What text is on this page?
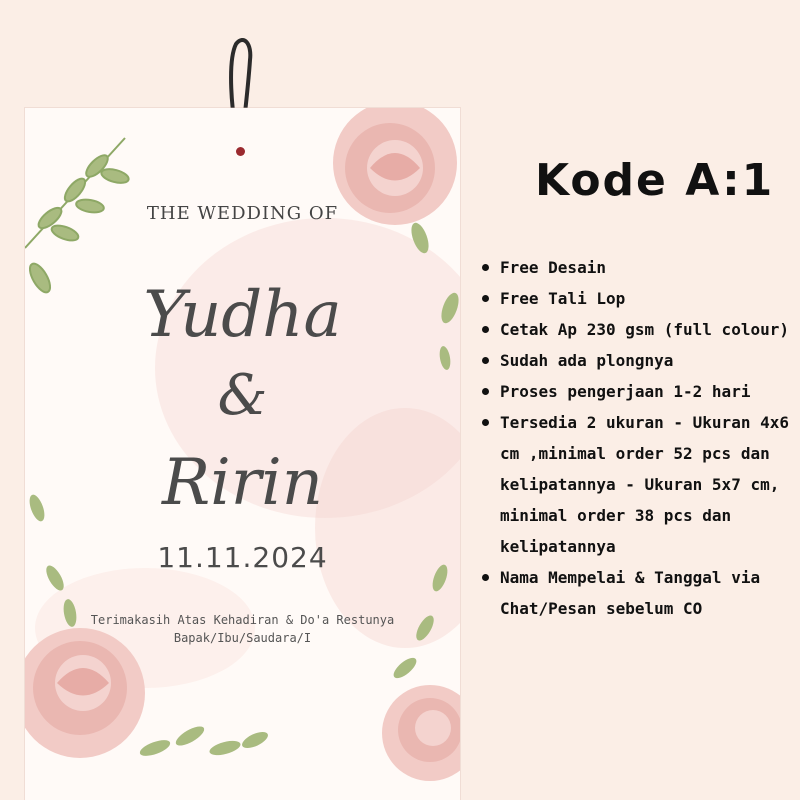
THE WEDDING OF
Yudha
&
Ririn
11.11.2024
Terimakasih Atas Kehadiran & Do'a Restunya
Bapak/Ibu/Saudara/I
Kode A:1
Free Desain
Free Tali Lop
Cetak Ap 230 gsm (full colour)
Sudah ada plongnya
Proses pengerjaan 1-2 hari
Tersedia 2 ukuran - Ukuran 4x6 cm ,minimal order 52 pcs dan kelipatannya - Ukuran 5x7 cm, minimal order 38 pcs dan kelipatannya
Nama Mempelai & Tanggal via Chat/Pesan sebelum CO
